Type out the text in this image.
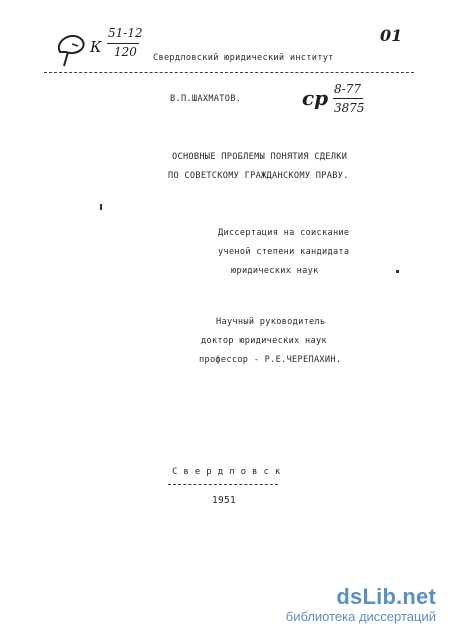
К
51-12
120
01
Свердловский юридический институт
В.П.ШАХМАТОВ.	ср 8-77
3875
ОСНОВНЫЕ ПРОБЛЕМЫ ПОНЯТИЯ СДЕЛКИ
ПО СОВЕТСКОМУ ГРАЖДАНСКОМУ ПРАВУ.
Диссертация на соискание
ученой степени кандидата
юридических наук
Научный руководитель
доктор юридических наук
профессор - Р.Е.ЧЕРЕПАХИН.
С в е р д л о в с к
1951
dsLib.net
библиотека диссертаций
